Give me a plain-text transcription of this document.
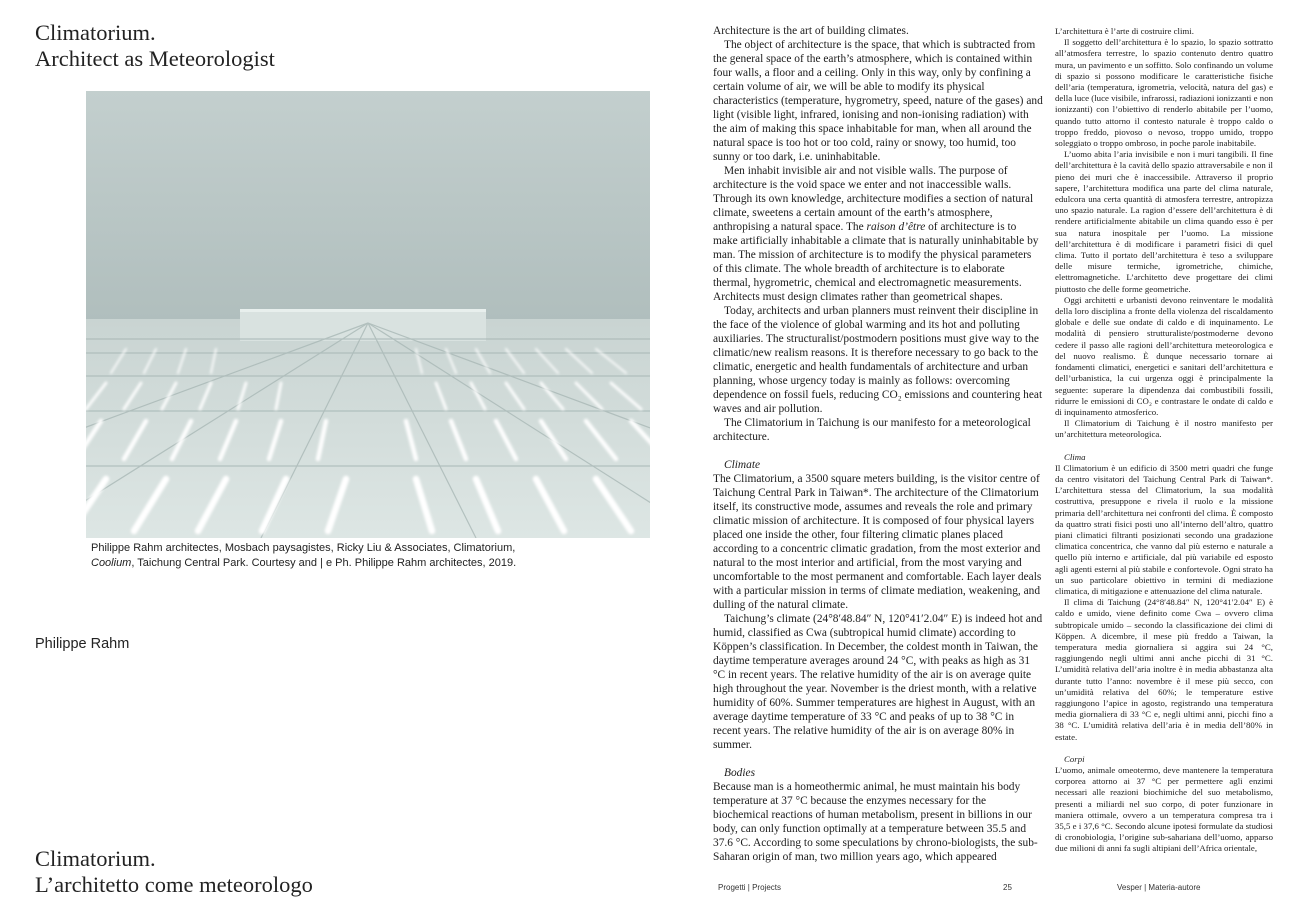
Climatorium.
Architect as Meteorologist
Philippe Rahm architectes, Mosbach paysagistes, Ricky Liu & Associates, Climatorium,
Coolium, Taichung Central Park. Courtesy and | e Ph. Philippe Rahm architectes, 2019.
Philippe Rahm
Climatorium.
L’architetto come meteorologo

Architecture is the art of building climates.

The object of architecture is the space, that which is subtracted from the general space of the earth’s atmosphere, which is contained within four walls, a floor and a ceiling. Only in this way, only by confining a certain volume of air, we will be able to modify its physical characteristics (temperature, hygrometry, speed, nature of the gases) and light (visible light, infrared, ionising and non-ionising radiation) with the aim of making this space inhabitable for man, when all around the natural space is too hot or too cold, rainy or snowy, too humid, too sunny or too dark, i.e. uninhabitable.

Men inhabit invisible air and not visible walls. The purpose of architecture is the void space we enter and not inaccessible walls. Through its own knowledge, architecture modifies a section of natural climate, sweetens a certain amount of the earth’s atmosphere, anthropising a natural space. The raison d’être of architecture is to make artificially inhabitable a climate that is naturally uninhabitable by man. The mission of architecture is to modify the physical parameters of this climate. The whole breadth of architecture is to elaborate thermal, hygrometric, chemical and electromagnetic measurements. Architects must design climates rather than geometrical shapes.

Today, architects and urban planners must reinvent their discipline in the face of the violence of global warming and its hot and polluting auxiliaries. The structuralist/postmodern positions must give way to the climatic/new realism reasons. It is therefore necessary to go back to the climatic, energetic and health fundamentals of architecture and urban planning, whose urgency today is mainly as follows: overcoming dependence on fossil fuels, reducing CO₂ emissions and countering heat waves and air pollution.

The Climatorium in Taichung is our manifesto for a meteorological architecture.

Climate

The Climatorium, a 3500 square meters building, is the visitor centre of Taichung Central Park in Taiwan*. The architecture of the Climatorium itself, its constructive mode, assumes and reveals the role and primary climatic mission of architecture. It is composed of four physical layers placed one inside the other, four filtering climatic planes placed according to a concentric climatic gradation, from the most exterior and natural to the most interior and artificial, from the most varying and uncomfortable to the most permanent and comfortable. Each layer deals with a particular mission in terms of climate mediation, weakening, and dulling of the natural climate.

Taichung’s climate (24°8′48.84″ N, 120°41′2.04″ E) is indeed hot and humid, classified as Cwa (subtropical humid climate) according to Köppen’s classification. In December, the coldest month in Taiwan, the daytime temperature averages around 24 °C, with peaks as high as 31 °C in recent years. The relative humidity of the air is on average quite high throughout the year. November is the driest month, with a relative humidity of 60%. Summer temperatures are highest in August, with an average daytime temperature of 33 °C and peaks of up to 38 °C in recent years. The relative humidity of the air is on average 80% in summer.

Bodies

Because man is a homeothermic animal, he must maintain his body temperature at 37 °C because the enzymes necessary for the biochemical reactions of human metabolism, present in billions in our body, can only function optimally at a temperature between 35.5 and 37.6 °C. According to some speculations by chrono-biologists, the sub-Saharan origin of man, two million years ago, which appeared

L’architettura è l’arte di costruire climi.

Il soggetto dell’architettura è lo spazio, lo spazio sottratto all’atmosfera terrestre, lo spazio contenuto dentro quattro mura, un pavimento e un soffitto. Solo confinando un volume di spazio si possono modificare le caratteristiche fisiche dell’aria (temperatura, igrometria, velocità, natura del gas) e della luce (luce visibile, infrarossi, radiazioni ionizzanti e non ionizzanti) con l’obiettivo di renderlo abitabile per l’uomo, quando tutto attorno il contesto naturale è troppo caldo o troppo freddo, piovoso o nevoso, troppo umido, troppo soleggiato o troppo ombroso, in poche parole inabitabile.

L’uomo abita l’aria invisibile e non i muri tangibili. Il fine dell’architettura è la cavità dello spazio attraversabile e non il pieno dei muri che è inaccessibile. Attraverso il proprio sapere, l’architettura modifica una parte del clima naturale, edulcora una certa quantità di atmosfera terrestre, antropizza uno spazio naturale. La ragion d’essere dell’architettura è di rendere artificialmente abitabile un clima quando esso è per sua natura inospitale per l’uomo. La missione dell’architettura è di modificare i parametri fisici di quel clima. Tutto il portato dell’architettura è teso a sviluppare delle misure termiche, igrometriche, chimiche, elettromagnetiche. L’architetto deve progettare dei climi piuttosto che delle forme geometriche.

Oggi architetti e urbanisti devono reinventare le modalità della loro disciplina a fronte della violenza del riscaldamento globale e delle sue ondate di caldo e di inquinamento. Le modalità di pensiero strutturaliste/postmoderne devono cedere il passo alle ragioni dell’architettura meteorologica e del nuovo realismo. È dunque necessario tornare ai fondamenti climatici, energetici e sanitari dell’architettura e dell’urbanistica, la cui urgenza oggi è principalmente la seguente: superare la dipendenza dai combustibili fossili, ridurre le emissioni di CO₂ e contrastare le ondate di caldo e di inquinamento atmosferico.

Il Climatorium di Taichung è il nostro manifesto per un’architettura meteorologica.

Clima

Il Climatorium è un edificio di 3500 metri quadri che funge da centro visitatori del Taichung Central Park di Taiwan*. L’architettura stessa del Climatorium, la sua modalità costruttiva, presuppone e rivela il ruolo e la missione primaria dell’architettura nei confronti del clima. È composto da quattro strati fisici posti uno all’interno dell’altro, quattro piani climatici filtranti posizionati secondo una gradazione climatica concentrica, che vanno dal più esterno e naturale a quello più interno e artificiale, dal più variabile ed esposto agli agenti esterni al più stabile e confortevole. Ogni strato ha un suo particolare obiettivo in termini di mediazione climatica, di mitigazione e attenuazione del clima naturale.

Il clima di Taichung (24°8′48.84″ N, 120°41′2.04″ E) è caldo e umido, viene definito come Cwa – ovvero clima subtropicale umido – secondo la classificazione dei climi di Köppen. A dicembre, il mese più freddo a Taiwan, la temperatura media giornaliera si aggira sui 24 °C, raggiungendo negli ultimi anni anche picchi di 31 °C. L’umidità relativa dell’aria inoltre è in media abbastanza alta durante tutto l’anno: novembre è il mese più secco, con un’umidità relativa del 60%; le temperature estive raggiungono l’apice in agosto, registrando una temperatura media giornaliera di 33 °C e, negli ultimi anni, picchi fino a 38 °C. L’umidità relativa dell’aria è in media dell’80% in estate.

Corpi

L’uomo, animale omeotermo, deve mantenere la temperatura corporea attorno ai 37 °C per permettere agli enzimi necessari alle reazioni biochimiche del suo metabolismo, presenti a miliardi nel suo corpo, di poter funzionare in maniera ottimale, ovvero a un temperatura compresa tra i 35,5 e i 37,6 °C. Secondo alcune ipotesi formulate da studiosi di cronobiologia, l’origine sub-sahariana dell’uomo, apparso due milioni di anni fa sugli altipiani dell’Africa orientale,

Progetti | Projects	25	Vesper | Materia-autore
